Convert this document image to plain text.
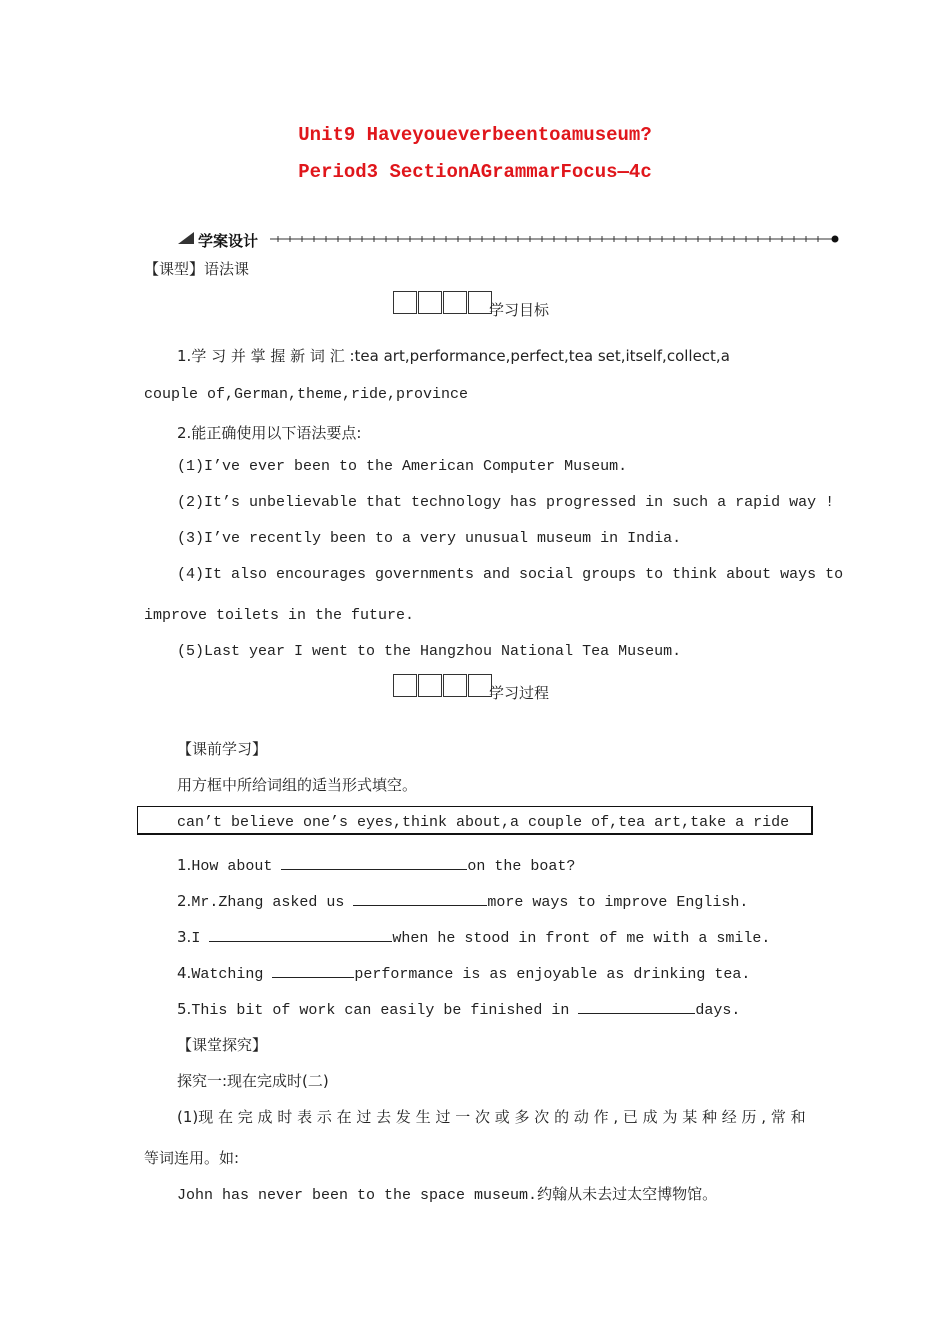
Unit9 Haveyoueverbeentoamuseum?
Period3 SectionAGrammarFocus—4c
学案设计
【课型】语法课
学习目标
1.学 习 并 掌 握 新 词 汇 :tea art,performance,perfect,tea set,itself,collect,a
couple of,German,theme,ride,province
2.能正确使用以下语法要点:
(1)I’ve ever been to the American Computer Museum.
(2)It’s unbelievable that technology has progressed in such a rapid way !
(3)I’ve recently been to a very unusual museum in India.
(4)It also encourages governments and social groups to think about ways to
improve toilets in the future.
(5)Last year I went to the Hangzhou National Tea Museum.
学习过程
【课前学习】
用方框中所给词组的适当形式填空。
can’t believe one’s eyes,think about,a couple of,tea art,take a ride
1.How about	on the boat?
2.Mr.Zhang asked us	more ways to improve English.
3.I	when he stood in front of me with a smile.
4.Watching	performance is as enjoyable as drinking tea.
5.This bit of work can easily be finished in	days.
【课堂探究】
探究一:现在完成时(二)
(1)现 在 完 成 时 表 示 在 过 去 发 生 过 一 次 或 多 次 的 动 作 , 已 成 为 某 种 经 历 , 常 和
等词连用。如:
John has never been to the space museum.约翰从未去过太空博物馆。
